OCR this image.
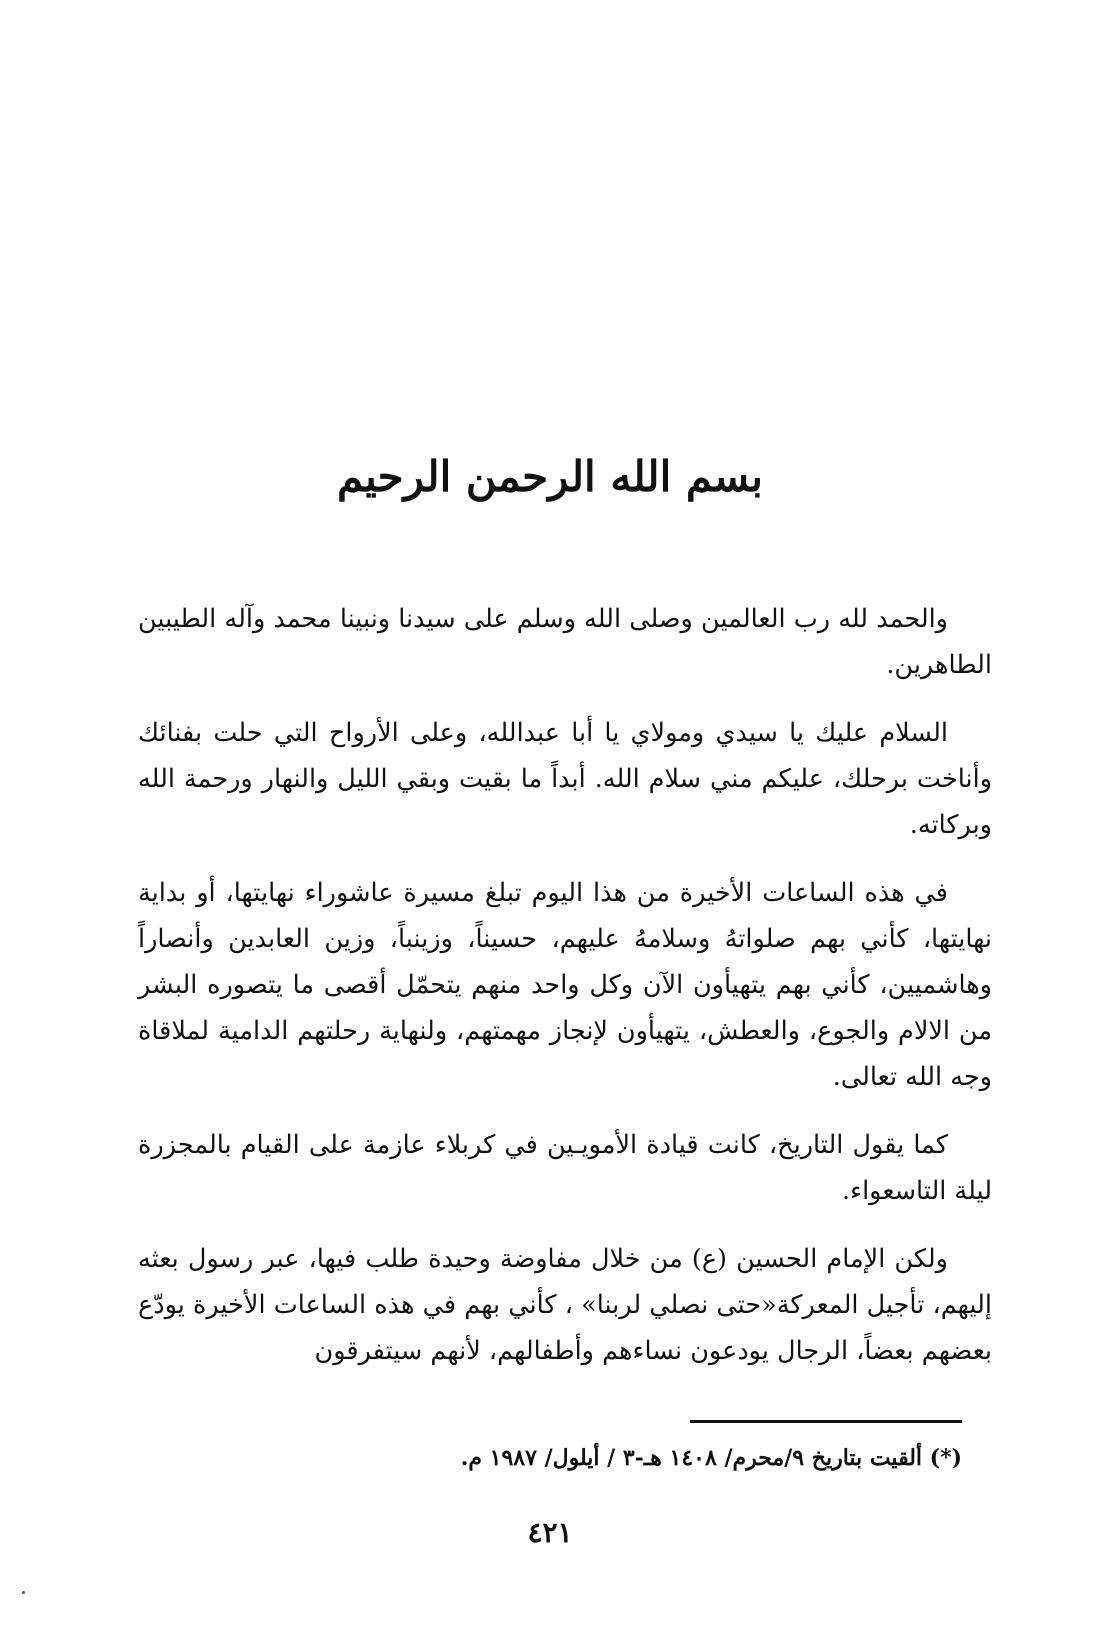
بسم الله الرحمن الرحيم

والحمد لله رب العالمين وصلى الله وسلم على سيدنا ونبينا محمد وآله الطيبين الطاهرين.

السلام عليك يا سيدي ومولاي يا أبا عبدالله، وعلى الأرواح التي حلت بفنائك وأناخت برحلك، عليكم مني سلام الله. أبداً ما بقيت وبقي الليل والنهار ورحمة الله وبركاته.

في هذه الساعات الأخيرة من هذا اليوم تبلغ مسيرة عاشوراء نهايتها، أو بداية نهايتها، كأني بهم صلواتهُ وسلامهُ عليهم، حسيناً، وزينباً، وزين العابدين وأنصاراً وهاشميين، كأني بهم يتهيأون الآن وكل واحد منهم يتحمّل أقصى ما يتصوره البشر من الالام والجوع، والعطش، يتهيأون لإنجاز مهمتهم، ولنهاية رحلتهم الدامية لملاقاة وجه الله تعالى.

كما يقول التاريخ، كانت قيادة الأمويـين في كربلاء عازمة على القيام بالمجزرة ليلة التاسعواء.

ولكن الإمام الحسين (ع) من خلال مفاوضة وحيدة طلب فيها، عبر رسول بعثه إليهم، تأجيل المعركة«حتى نصلي لربنا» ، كأني بهم في هذه الساعات الأخيرة يودّع بعضهم بعضاً، الرجال يودعون نساءهم وأطفالهم، لأنهم سيتفرقون

(*) ألقيت بتاريخ ٩/محرم/ ١٤٠٨ هـ-٣ / أيلول/ ١٩٨٧ م.
٤٢١
